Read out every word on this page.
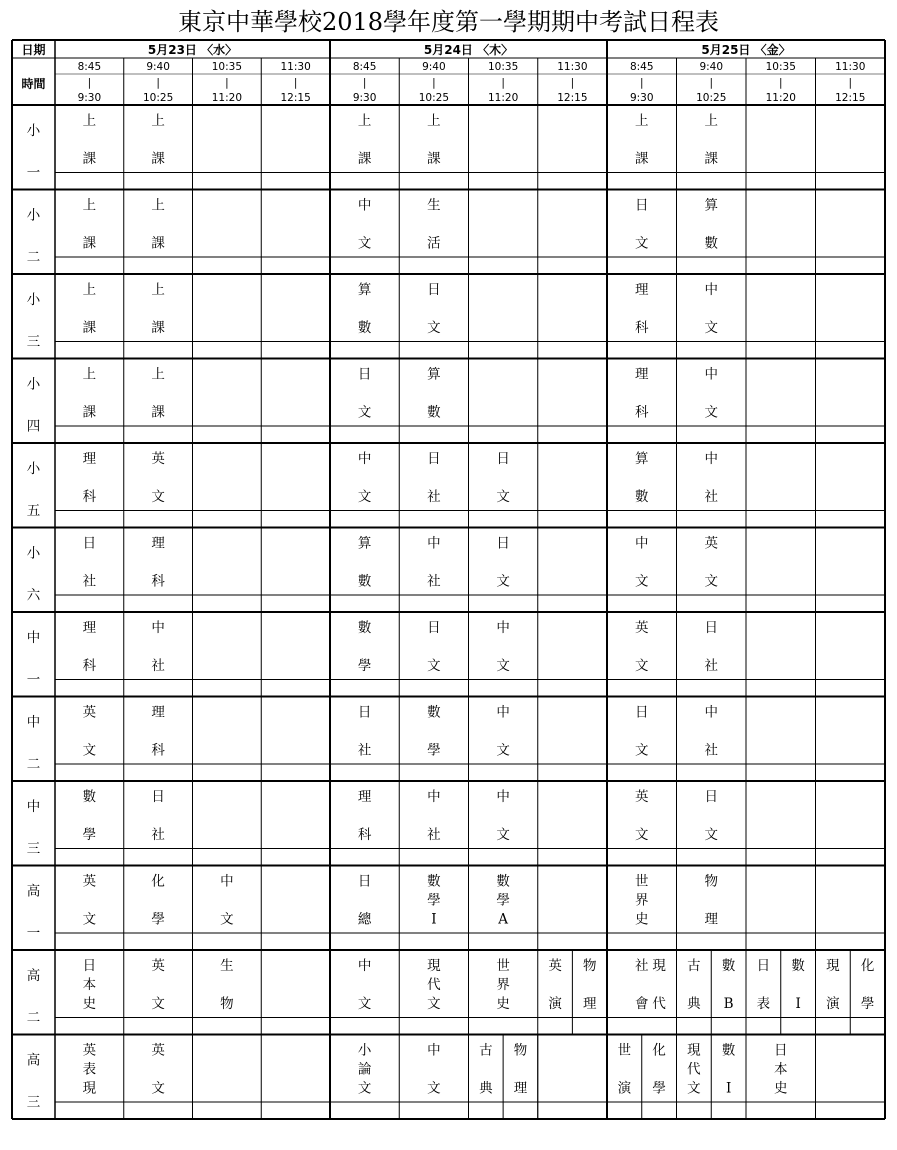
東京中華學校2018學年度第一學期期中考試日程表
日期
時間
5月23日 〈水〉
8:45
|
9:30
9:40
|
10:25
10:35
|
11:20
11:30
|
12:15
5月24日 〈木〉
8:45
|
9:30
9:40
|
10:25
10:35
|
11:20
11:30
|
12:15
5月25日 〈金〉
8:45
|
9:30
9:40
|
10:25
10:35
|
11:20
11:30
|
12:15
小
一
上
課
上
課
上
課
上
課
上
課
上
課
小
二
上
課
上
課
中
文
生
活
日
文
算
數
小
三
上
課
上
課
算
數
日
文
理
科
中
文
小
四
上
課
上
課
日
文
算
數
理
科
中
文
小
五
理
科
英
文
中
文
日
社
日
文
算
數
中
社
小
六
日
社
理
科
算
數
中
社
日
文
中
文
英
文
中
一
理
科
中
社
數
學
日
文
中
文
英
文
日
社
中
二
英
文
理
科
日
社
數
學
中
文
日
文
中
社
中
三
數
學
日
社
理
科
中
社
中
文
英
文
日
文
高
一
英
文
化
學
中
文
日
總
數
學
Ⅰ
數
學
A
世
界
史
物
理
高
二
日
本
史
英
文
生
物
中
文
現
代
文
世
界
史
英
演
物
理
社
會
現
代
古
典
數
B
日
表
數
Ⅰ
現
演
化
學
高
三
英
表
現
英
文
小
論
文
中
文
古
典
物
理
世
演
化
學
現
代
文
數
Ⅰ
日
本
史
